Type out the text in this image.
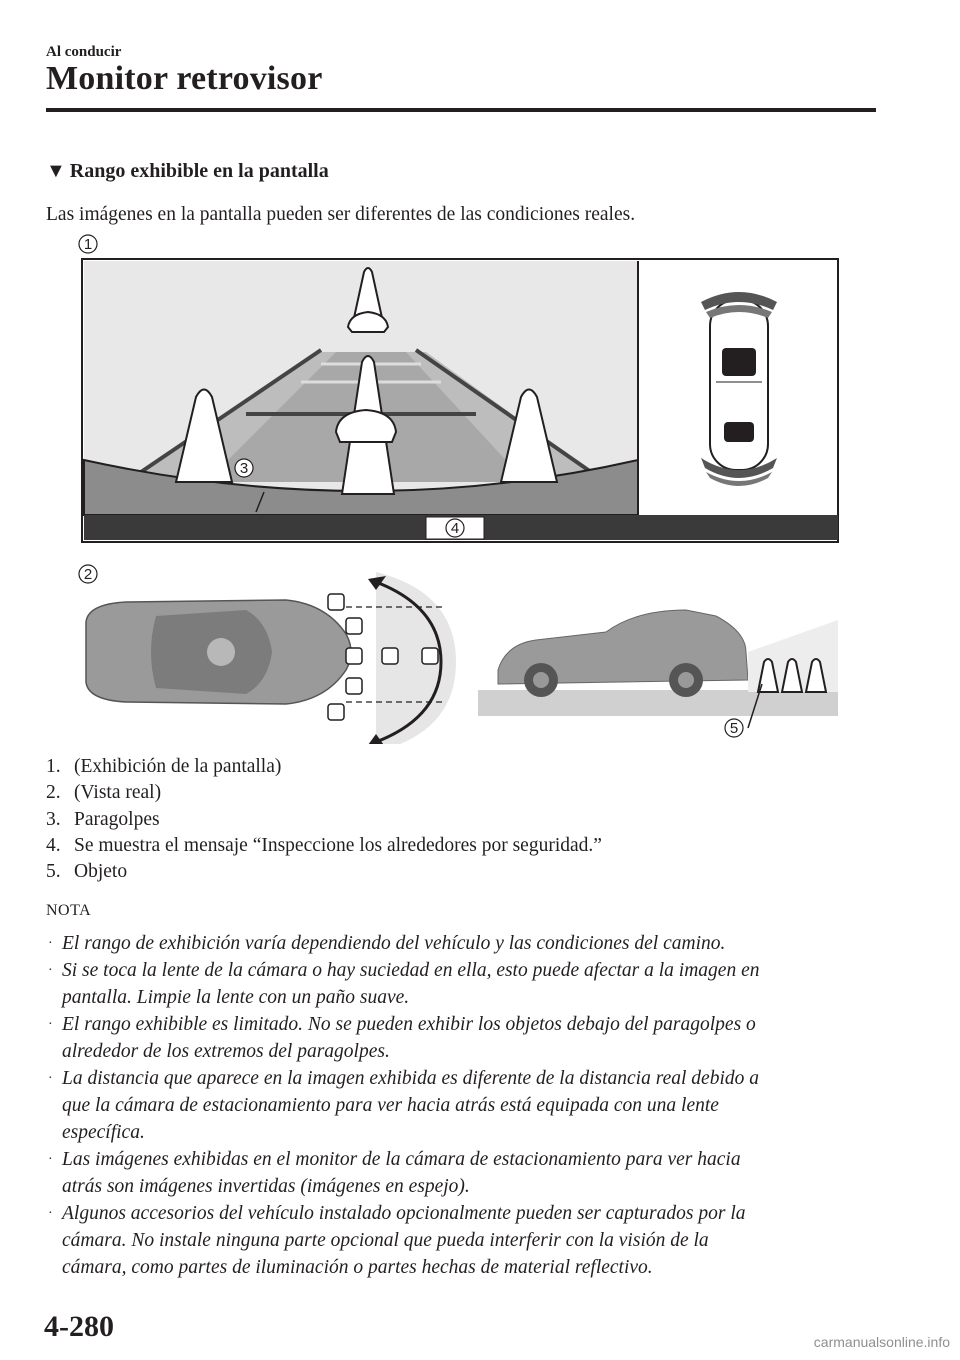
Al conducir
Monitor retrovisor
▼ Rango exhibible en la pantalla
Las imágenes en la pantalla pueden ser diferentes de las condiciones reales.
1
2
3
4
5
1. (Exhibición de la pantalla)
2. (Vista real)
3. Paragolpes
4. Se muestra el mensaje “Inspeccione los alrededores por seguridad.”
5. Objeto
NOTA
· El rango de exhibición varía dependiendo del vehículo y las condiciones del camino.
· Si se toca la lente de la cámara o hay suciedad en ella, esto puede afectar a la imagen en
pantalla. Limpie la lente con un paño suave.
· El rango exhibible es limitado. No se pueden exhibir los objetos debajo del paragolpes o
alrededor de los extremos del paragolpes.
· La distancia que aparece en la imagen exhibida es diferente de la distancia real debido a
que la cámara de estacionamiento para ver hacia atrás está equipada con una lente
específica.
· Las imágenes exhibidas en el monitor de la cámara de estacionamiento para ver hacia
atrás son imágenes invertidas (imágenes en espejo).
· Algunos accesorios del vehículo instalado opcionalmente pueden ser capturados por la
cámara. No instale ninguna parte opcional que pueda interferir con la visión de la
cámara, como partes de iluminación o partes hechas de material reflectivo.
4-280	carmanualsonline.info
